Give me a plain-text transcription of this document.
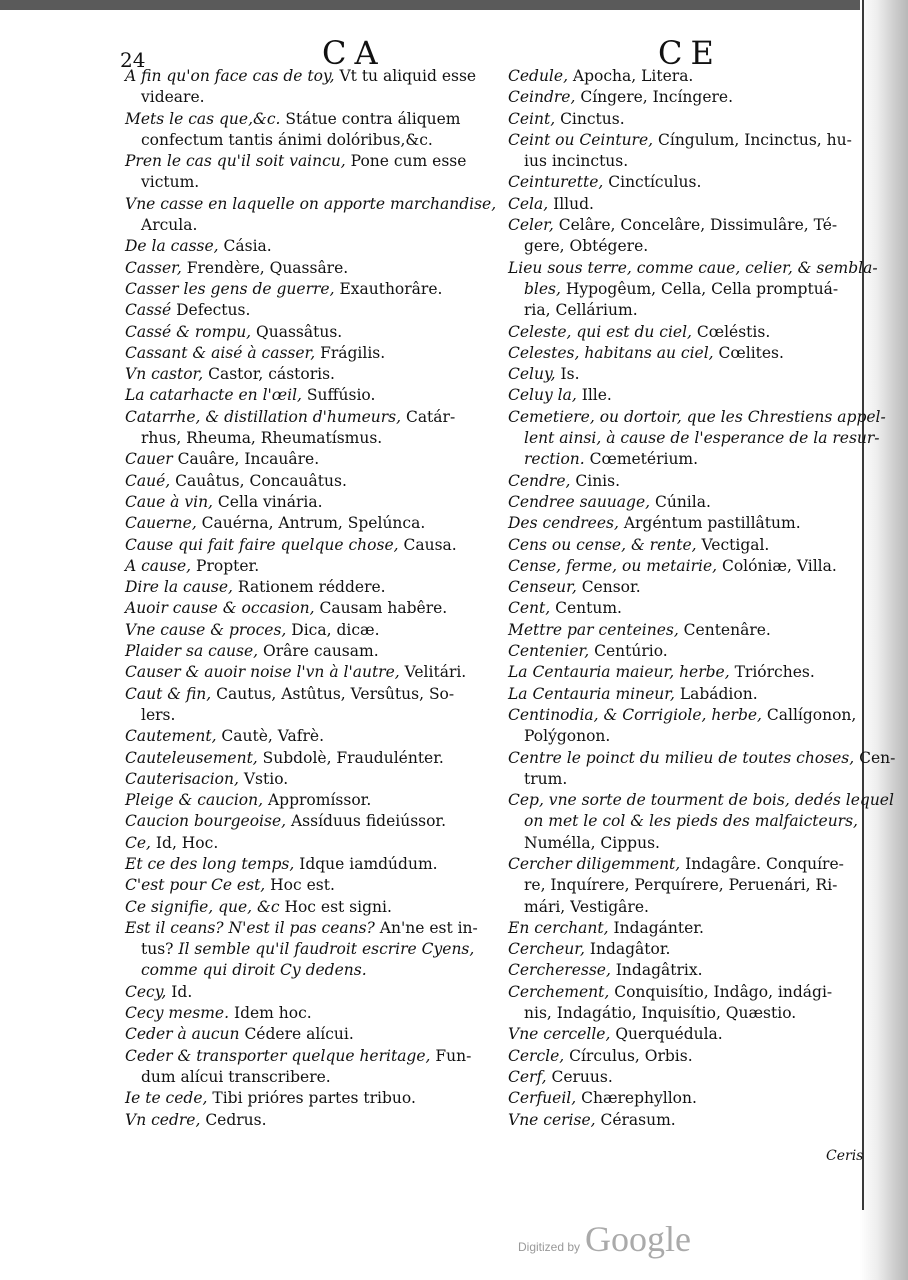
24	CA	CE
A fin qu'on face cas de toy, Vt tu aliquid esse
videare.
Mets le cas que,&c. Státue contra áliquem
confectum tantis ánimi dolóribus,&c.
Pren le cas qu'il soit vaincu, Pone cum esse
victum.
Vne casse en laquelle on apporte marchandise,
Arcula.
De la casse, Cásia.
Casser, Frendère, Quassâre.
Casser les gens de guerre, Exauthorâre.
Cassé Defectus.
Cassé & rompu, Quassâtus.
Cassant & aisé à casser, Frágilis.
Vn castor, Castor, cástoris.
La catarhacte en l'œil, Suffúsio.
Catarrhe, & distillation d'humeurs, Catár-
rhus, Rheuma, Rheumatísmus.
Cauer Cauâre, Incauâre.
Caué, Cauâtus, Concauâtus.
Caue à vin, Cella vinária.
Cauerne, Cauérna, Antrum, Spelúnca.
Cause qui fait faire quelque chose, Causa.
A cause, Propter.
Dire la cause, Rationem réddere.
Auoir cause & occasion, Causam habêre.
Vne cause & proces, Dica, dicæ.
Plaider sa cause, Orâre causam.
Causer & auoir noise l'vn à l'autre, Velitári.
Caut & fin, Cautus, Astûtus, Versûtus, So-
lers.
Cautement, Cautè, Vafrè.
Cauteleusement, Subdolè, Fraudulénter.
Cauterisacion, Vstio.
Pleige & caucion, Appromíssor.
Caucion bourgeoise, Assíduus fideiússor.
Ce, Id, Hoc.
Et ce des long temps, Idque iamdúdum.
C'est pour Ce est, Hoc est.
Ce signifie, que, &c Hoc est signi.
Est il ceans? N'est il pas ceans? An'ne est in-
tus? Il semble qu'il faudroit escrire Cyens,
comme qui diroit Cy dedens.
Cecy, Id.
Cecy mesme. Idem hoc.
Ceder à aucun Cédere alícui.
Ceder & transporter quelque heritage, Fun-
dum alícui transcribere.
Ie te cede, Tibi prióres partes tribuo.
Vn cedre, Cedrus.
Cedule, Apocha, Litera.
Ceindre, Cíngere, Incíngere.
Ceint, Cinctus.
Ceint ou Ceinture, Cíngulum, Incinctus, hu-
ius incinctus.
Ceinturette, Cinctículus.
Cela, Illud.
Celer, Celâre, Concelâre, Dissimulâre, Té-
gere, Obtégere.
Lieu sous terre, comme caue, celier, & sembla-
bles, Hypogêum, Cella, Cella promptuá-
ria, Cellárium.
Celeste, qui est du ciel, Cœléstis.
Celestes, habitans au ciel, Cœlites.
Celuy, Is.
Celuy la, Ille.
Cemetiere, ou dortoir, que les Chrestiens appel-
lent ainsi, à cause de l'esperance de la resur-
rection. Cœmetérium.
Cendre, Cinis.
Cendree sauuage, Cúnila.
Des cendrees, Argéntum pastillâtum.
Cens ou cense, & rente, Vectigal.
Cense, ferme, ou metairie, Colóniæ, Villa.
Censeur, Censor.
Cent, Centum.
Mettre par centeines, Centenâre.
Centenier, Centúrio.
La Centauria maieur, herbe, Triórches.
La Centauria mineur, Labádion.
Centinodia, & Corrigiole, herbe, Callígonon,
Polýgonon.
Centre le poinct du milieu de toutes choses, Cen-
trum.
Cep, vne sorte de tourment de bois, dedés lequel
on met le col & les pieds des malfaicteurs,
Numélla, Cippus.
Cercher diligemment, Indagâre. Conquíre-
re, Inquírere, Perquírere, Peruenári, Ri-
mári, Vestigâre.
En cerchant, Indagánter.
Cercheur, Indagâtor.
Cercheresse, Indagâtrix.
Cerchement, Conquisítio, Indâgo, indági-
nis, Indagátio, Inquisítio, Quæstio.
Vne cercelle, Querquédula.
Cercle, Círculus, Orbis.
Cerf, Ceruus.
Cerfueil, Chærephyllon.
Vne cerise, Cérasum.
Ceris
Digitized by Google
